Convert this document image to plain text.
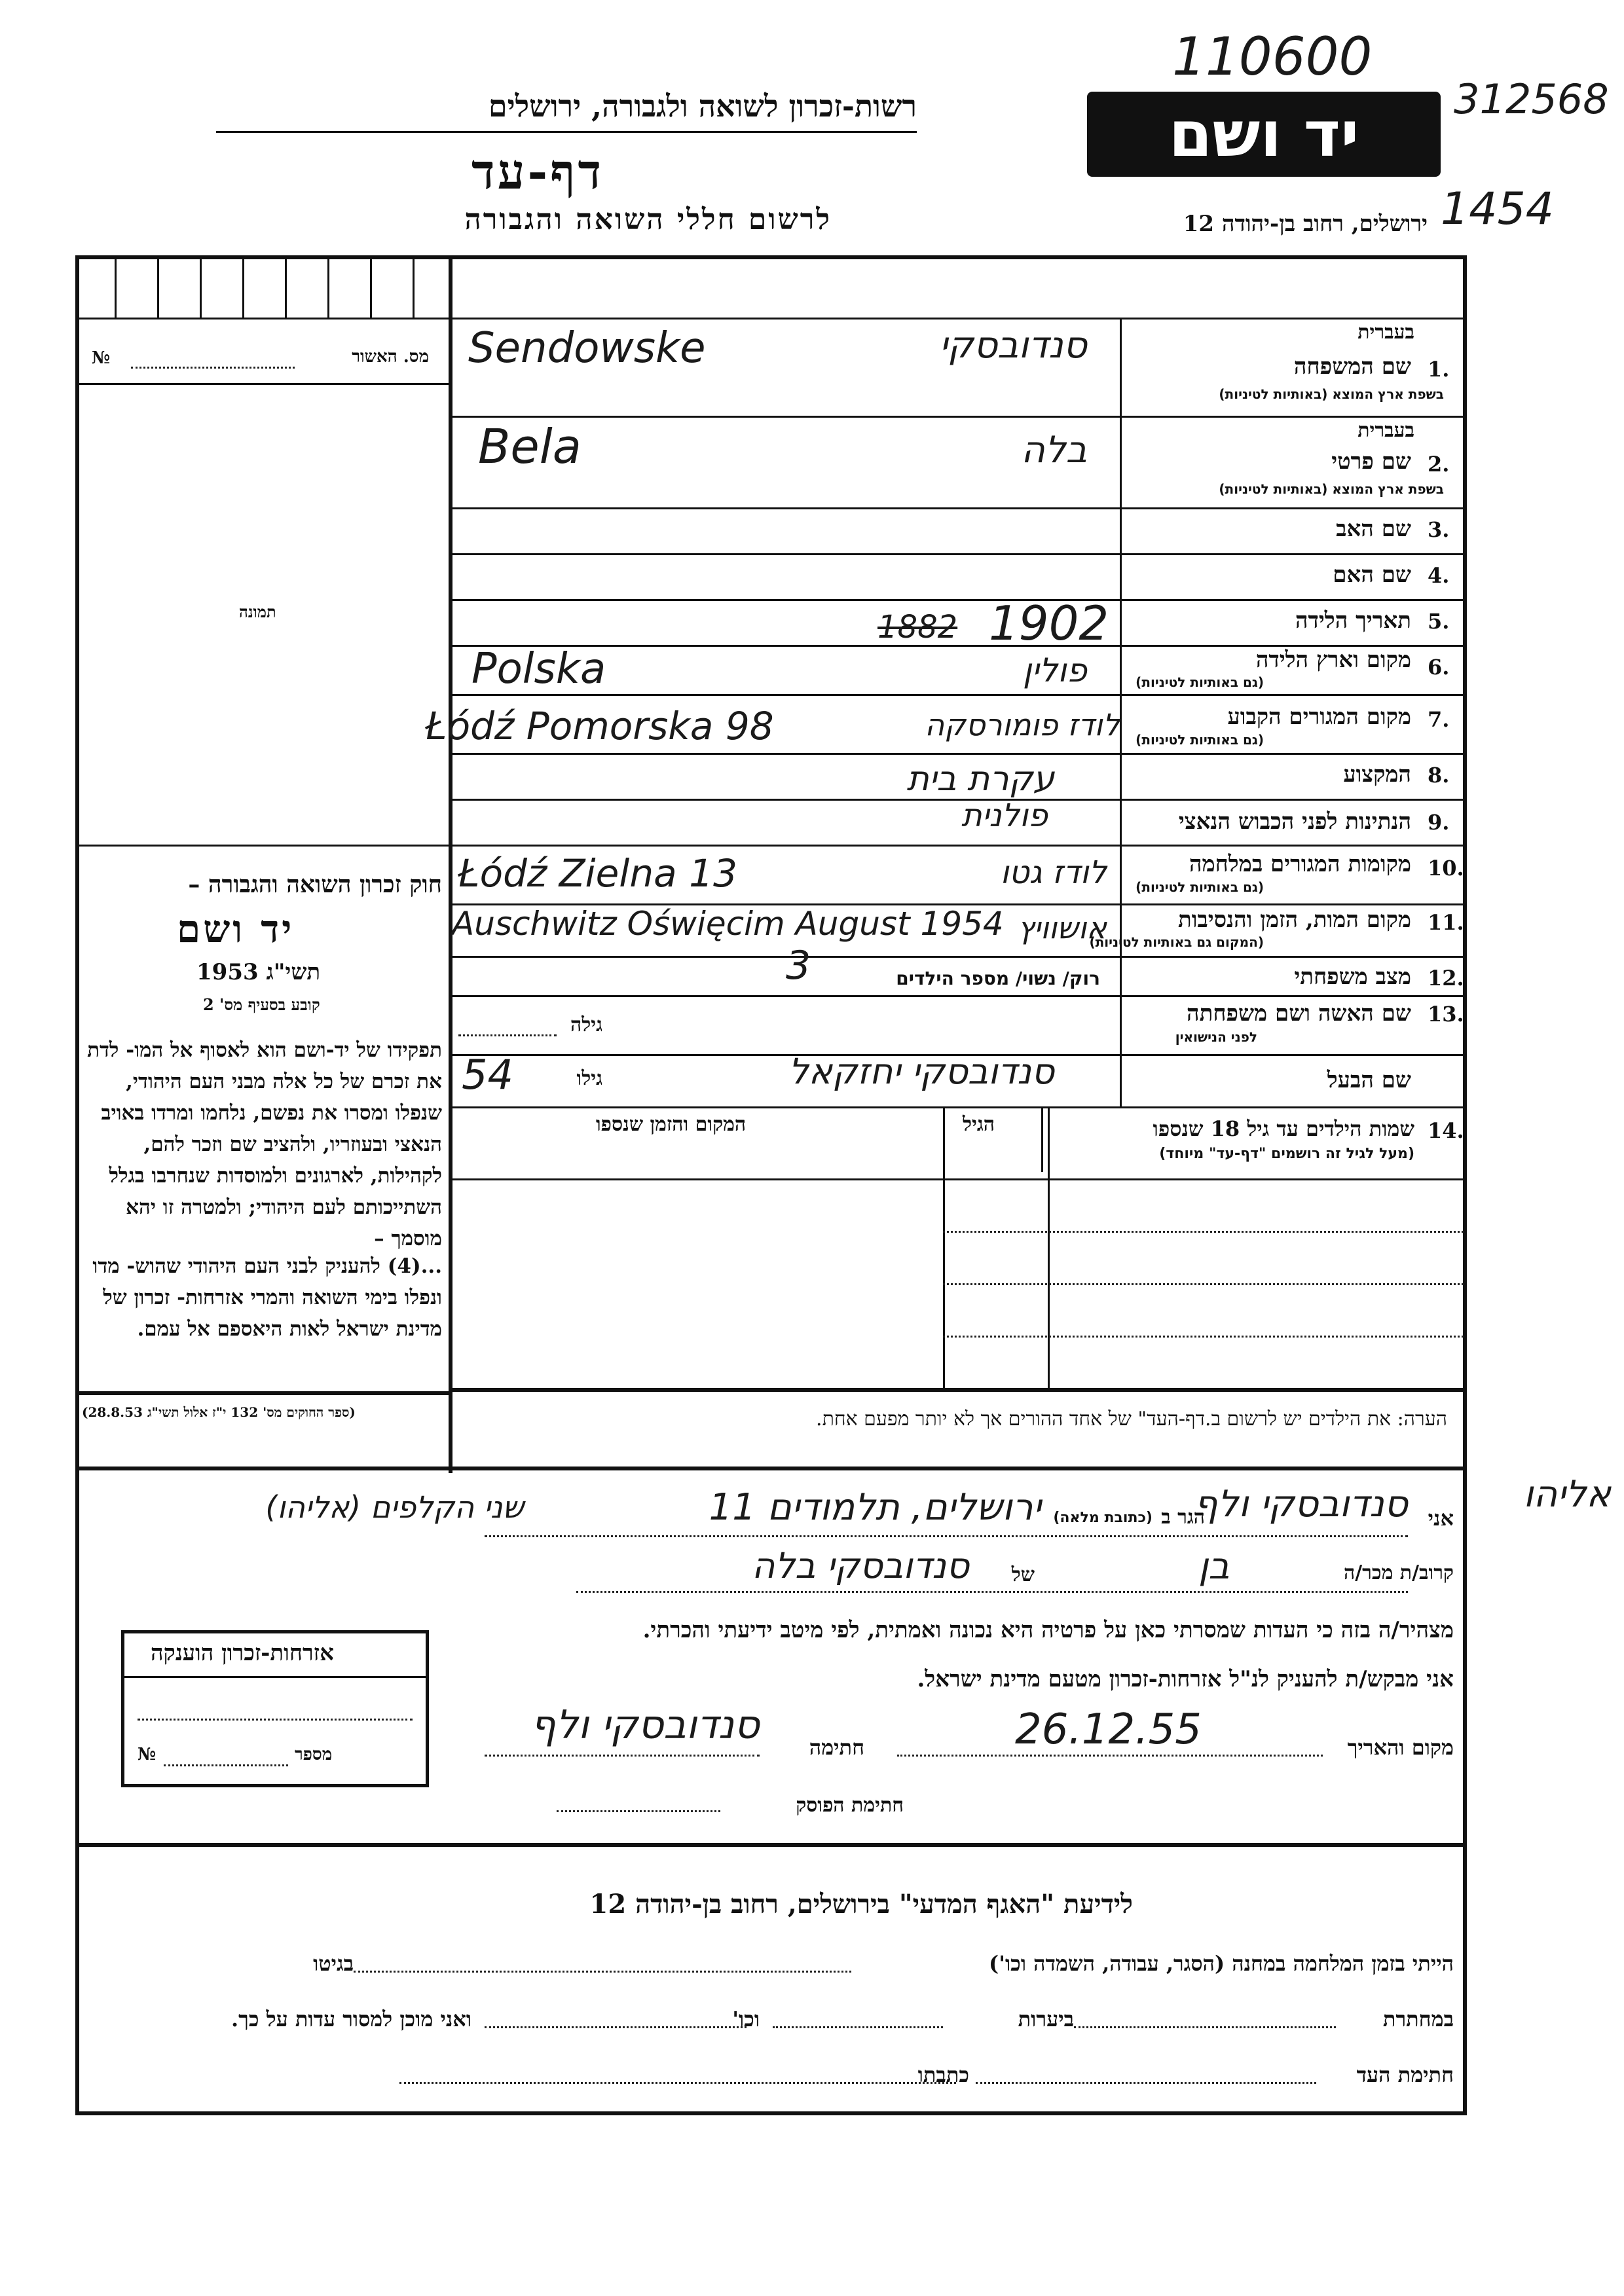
רשות-זכרון לשואה ולגבורה, ירושלים
דף-עד
לרשום חללי השואה והגבורה
יד ושם
ירושלים, רחוב בן-יהודה 12
110600
312568
1454
מס. האשור
№
תמונה
חוק זכרון השואה והגבורה –
יד ושם
תשי"ג 1953
קובע בסעיף מס' 2
תפקידו של יד-ושם הוא לאסוף אל המו- לדת את זכרם של כל אלה מבני העם היהודי, שנפלו ומסרו את נפשם, נלחמו ומרדו באויב הנאצי ובעוזריו, ולהציב שם וזכר להם, לקהילות, לארגונים ולמוסדות שנחרבו בגלל השתייכותם לעם היהודי; ולמטרה זו יהא מוסמך –
...(4) להעניק לבני העם היהודי שהוש- מדו ונפלו בימי השואה והמרי אזרחות- זכרון של מדינת ישראל לאות היאספם אל עמם.
(ספר החוקים מס' 132 י"ז אלול תשי"ג 28.8.53)
בעברית
1.
שם המשפחה
בשפת ארץ המוצא (באותיות לטיניות)
Sendowske	סנדובסקי
בעברית
2.
שם פרטי
בשפת ארץ המוצא (באותיות לטיניות)
Bela	בלה
3.
שם האב
4.
שם האם
5.
תאריך הלידה
1882 1902
6.
מקום וארץ הלידה
(גם באותיות לטיניות)
Polska	פולין
7.
מקום המגורים הקבוע
(גם באותיות לטיניות)
Łódź Pomorska 98	לודז פומורסקה
8.
המקצוע
עקרת בית
9.
הנתינות לפני הכבוש הנאצי
פולנית
10.
מקומות המגורים במלחמה
(גם באותיות לטיניות)
Łódź Zielna 13	לודז גטו
11.
מקום המות, הזמן והנסיבות
(המקום גם באותיות לטיניות)
Auschwitz Oświęcim August 1954 אושוויץ
12.
מצב משפחתי
רוק/ נשוי/ מספר הילדים
3
13.
שם האשה ושם משפחתה
לפני הנישואין
גילה
שם הבעל
גילו
54	סנדובסקי יחזקאל
14.
שמות הילדים עד גיל 18 שנספו
(מעל לגיל זה רושמים "דף-עד" מיוחד)
הגיל
המקום והזמן שנספו
הערה: את הילדים יש לרשום ב.דף-העד" של אחד ההורים אך לא יותר מפעם אחת.
אני
סנדובסקי ולף
הגר ב
(כתובת מלאה)
ירושלים, תלמודים 11
קרוב/ת מכר/ה
בן
של
סנדובסקי בלה
מצהיר/ה בזה כי העדות שמסרתי כאן על פרטיה היא נכונה ואמתית, לפי מיטב ידיעתי והכרתי.
אני מבקש/ת להעניק לנ"ל אזרחות-זכרון מטעם מדינת ישראל.
מקום והאריך
26.12.55
חתימה
סנדובסקי ולף
חתימת הפוסק
אליהו
שני הקלפים (אליהו)
אזרחות-זכרון הוענקה
№	מספר
לידיעת "האגף המדעי" בירושלים, רחוב בן-יהודה 12
הייתי בזמן המלחמה במחנה (הסגר, עבודה, השמדה וכו')
בגיטו
במחתרת
ביערות
וכו'
ואני מוכן למסור עדות על כך.
חתימת העד
כתבתו
